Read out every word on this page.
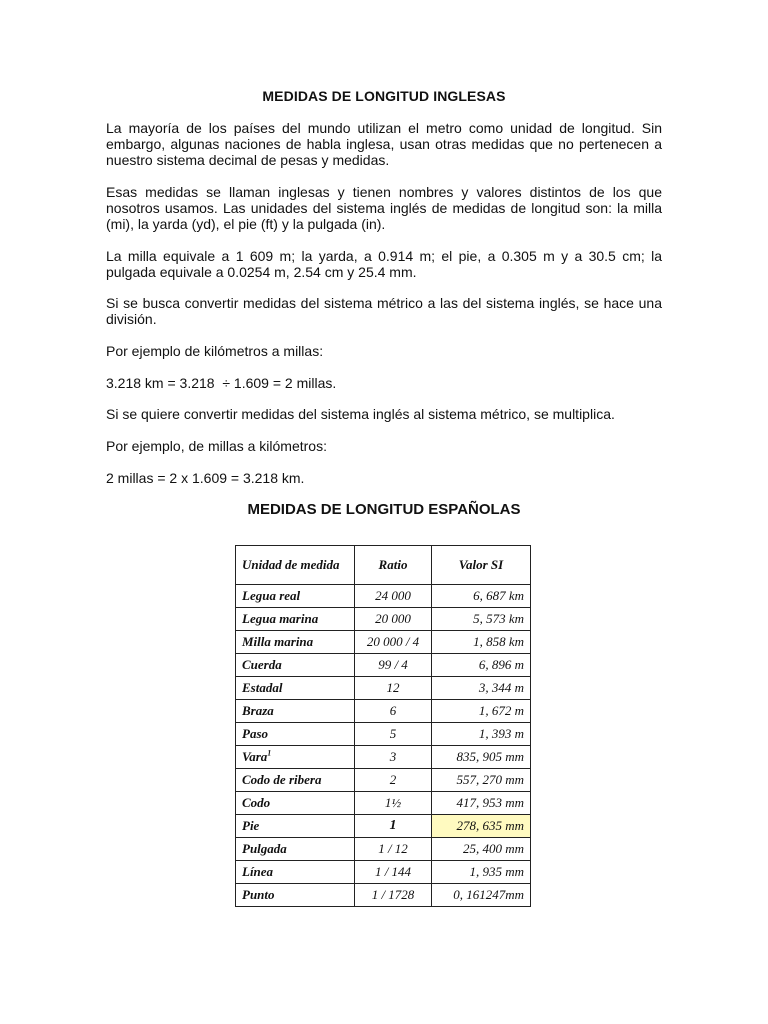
MEDIDAS DE LONGITUD INGLESAS

La mayoría de los países del mundo utilizan el metro como unidad de longitud. Sin embargo, algunas naciones de habla inglesa, usan otras medidas que no pertenecen a nuestro sistema decimal de pesas y medidas.

Esas medidas se llaman inglesas y tienen nombres y valores distintos de los que nosotros usamos. Las unidades del sistema inglés de medidas de longitud son: la milla (mi), la yarda (yd), el pie (ft) y la pulgada (in).

La milla equivale a 1 609 m; la yarda, a 0.914 m; el pie, a 0.305 m y a 30.5 cm; la pulgada equivale a 0.0254 m, 2.54 cm y 25.4 mm.

Si se busca convertir medidas del sistema métrico a las del sistema inglés, se hace una división.

Por ejemplo de kilómetros a millas:

3.218 km = 3.218  ÷ 1.609 = 2 millas.

Si se quiere convertir medidas del sistema inglés al sistema métrico, se multiplica.

Por ejemplo, de millas a kilómetros:

2 millas = 2 x 1.609 = 3.218 km.

MEDIDAS DE LONGITUD ESPAÑOLAS
Unidad de medida	Ratio	Valor SI
Legua real	24 000	6, 687 km
Legua marina	20 000	5, 573 km
Milla marina	20 000 / 4	1, 858 km
Cuerda	99 / 4	6, 896 m
Estadal	12	3, 344 m
Braza	6	1, 672 m
Paso	5	1, 393 m
Vara$^1$	3	835, 905 mm
Codo de ribera	2	557, 270 mm
Codo	1½	417, 953 mm
Pie	1	278, 635 mm
Pulgada	1 / 12	25, 400 mm
Línea	1 / 144	1, 935 mm
Punto	1 / 1728	0, 161247mm
